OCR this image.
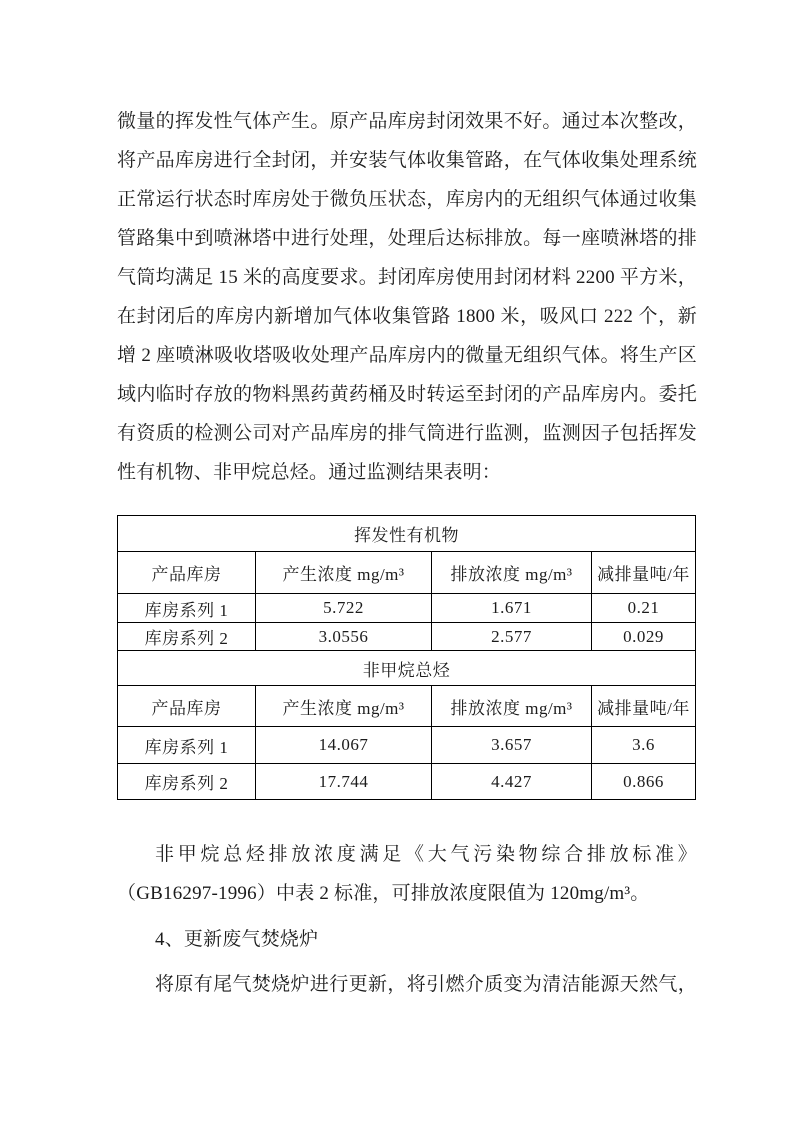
微量的挥发性气体产生。原产品库房封闭效果不好。通过本次整改，
将产品库房进行全封闭，并安装气体收集管路，在气体收集处理系统
正常运行状态时库房处于微负压状态，库房内的无组织气体通过收集
管路集中到喷淋塔中进行处理，处理后达标排放。每一座喷淋塔的排
气筒均满足 15 米的高度要求。封闭库房使用封闭材料 2200 平方米，
在封闭后的库房内新增加气体收集管路 1800 米，吸风口 222 个，新
增 2 座喷淋吸收塔吸收处理产品库房内的微量无组织气体。将生产区
域内临时存放的物料黑药黄药桶及时转运至封闭的产品库房内。委托
有资质的检测公司对产品库房的排气筒进行监测，监测因子包括挥发
性有机物、非甲烷总烃。通过监测结果表明：
挥发性有机物			
产品库房	产生浓度 mg/m³	排放浓度 mg/m³	减排量吨/年
库房系列 1	5.722	1.671	0.21
库房系列 2	3.0556	2.577	0.029
非甲烷总烃			
产品库房	产生浓度 mg/m³	排放浓度 mg/m³	减排量吨/年
库房系列 1	14.067	3.657	3.6
库房系列 2	17.744	4.427	0.866
非甲烷总烃排放浓度满足《大气污染物综合排放标准》
（GB16297-1996）中表 2 标准，可排放浓度限值为 120mg/m³。
4、更新废气焚烧炉
将原有尾气焚烧炉进行更新，将引燃介质变为清洁能源天然气，
